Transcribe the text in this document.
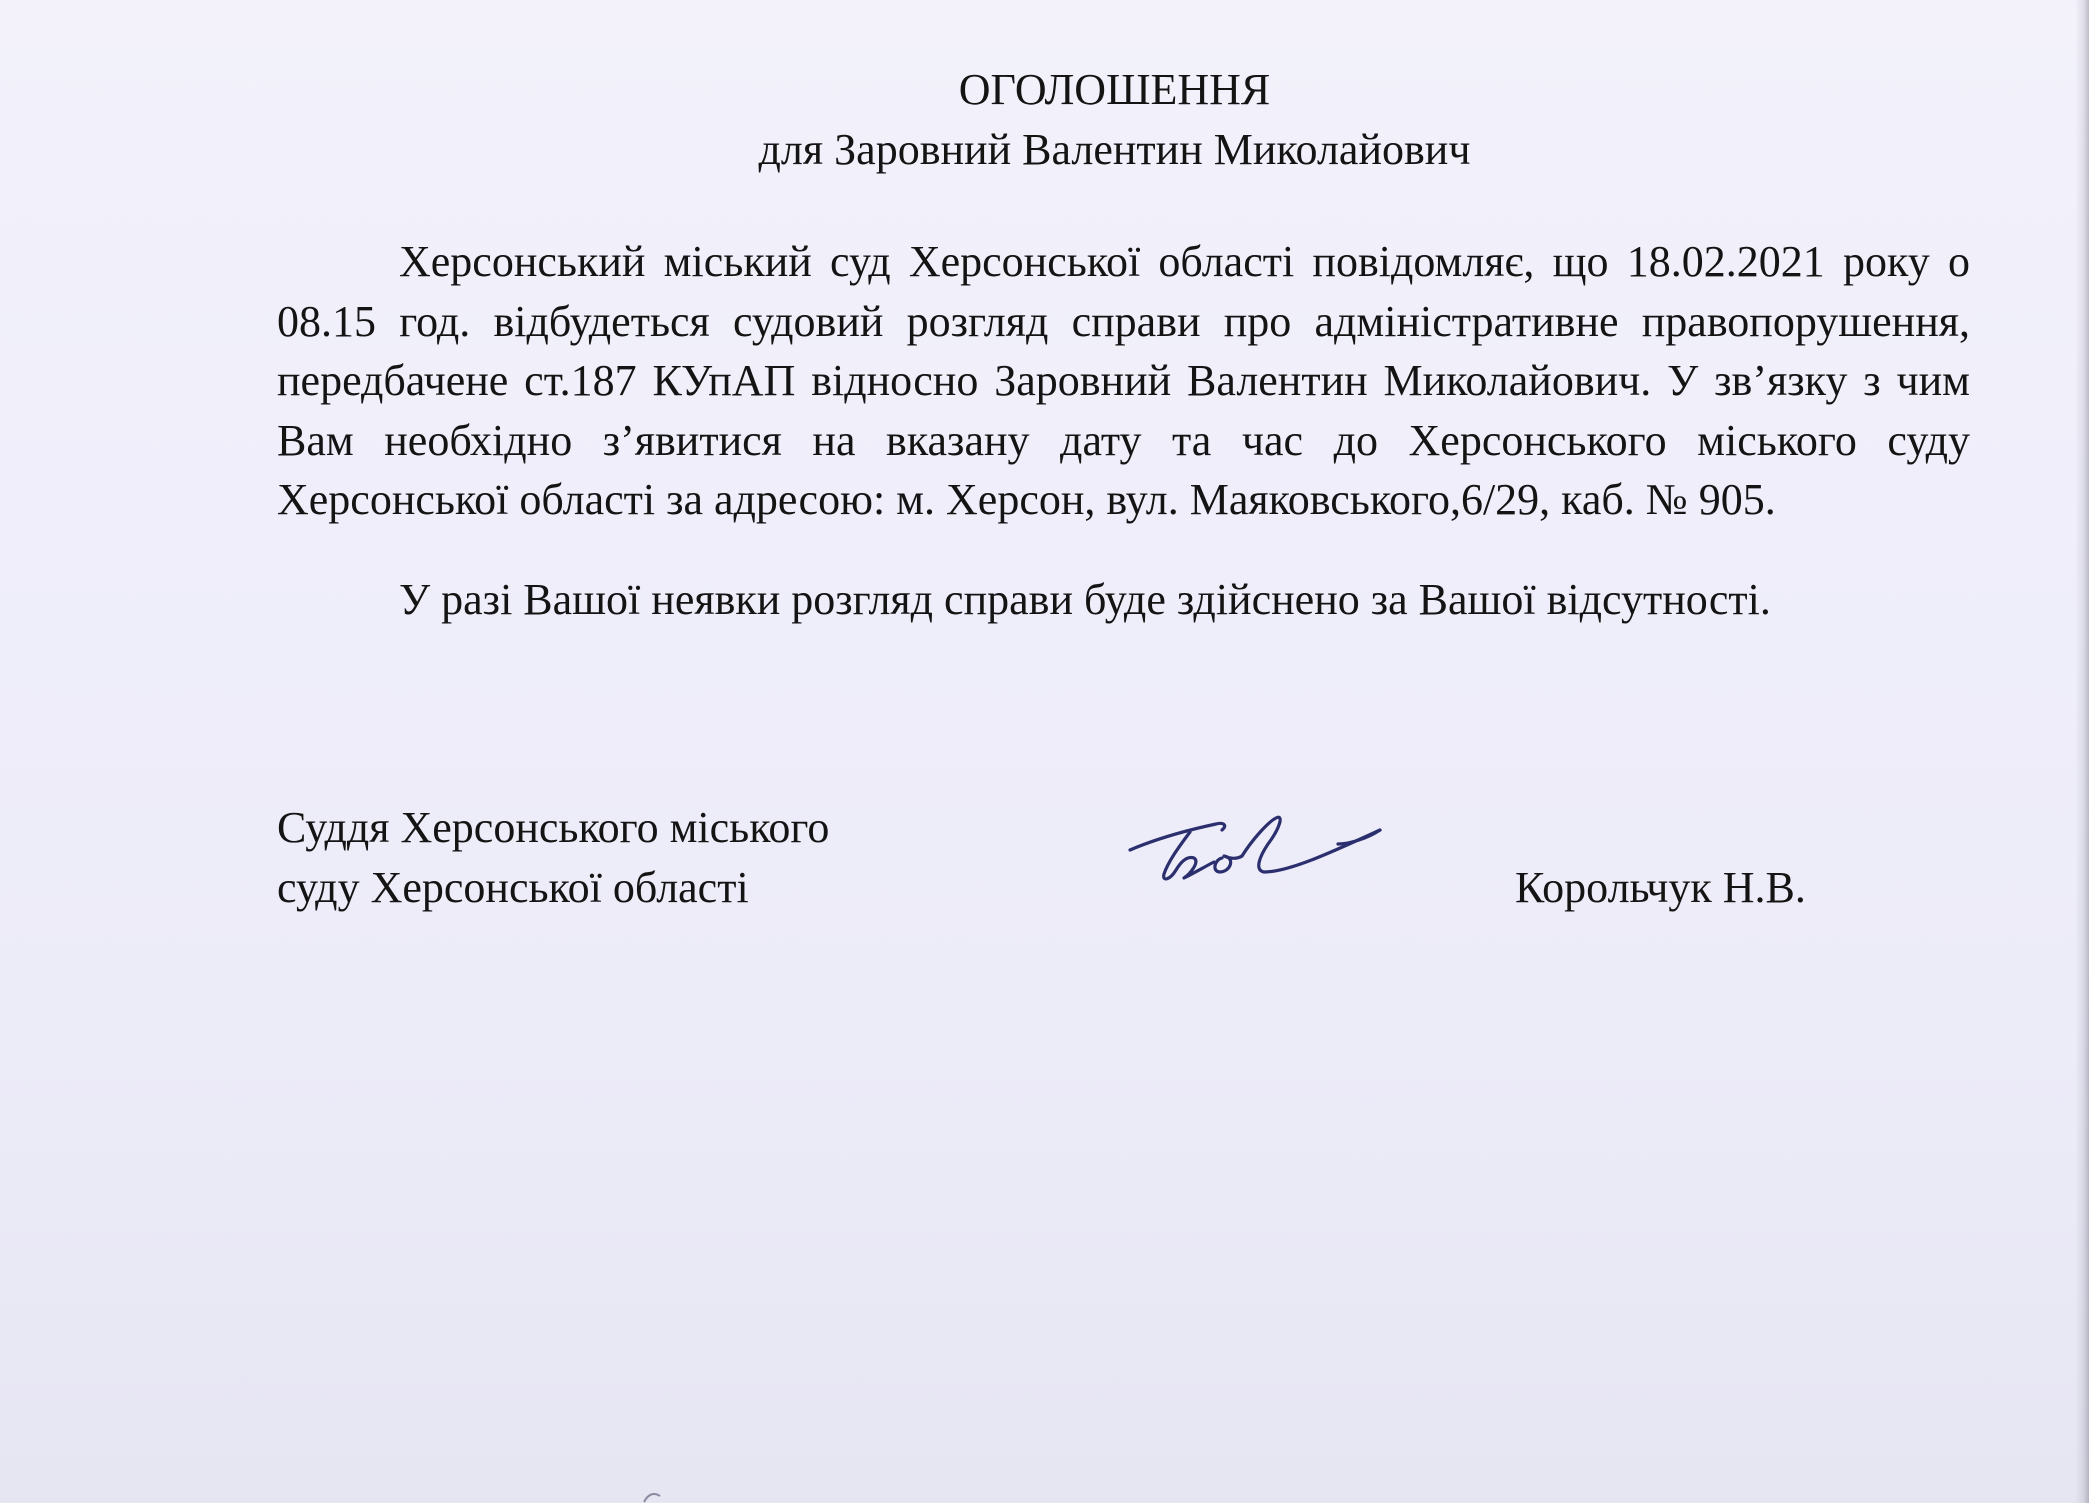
ОГОЛОШЕННЯ
для Заровний Валентин Миколайович

Херсонський міський суд Херсонської області повідомляє, що 18.02.2021 року о 08.15 год. відбудеться судовий розгляд справи про адміністративне правопорушення, передбачене ст.187 КУпАП відносно Заровний Валентин Миколайович. У зв’язку з чим Вам необхідно з’явитися на вказану дату та час до Херсонського міського суду Херсонської області за адресою: м. Херсон, вул. Маяковського,6/29, каб. № 905.

У разі Вашої неявки розгляд справи буде здійснено за Вашої відсутності.

Суддя Херсонського міського
суду Херсонської області	Корольчук Н.В.
